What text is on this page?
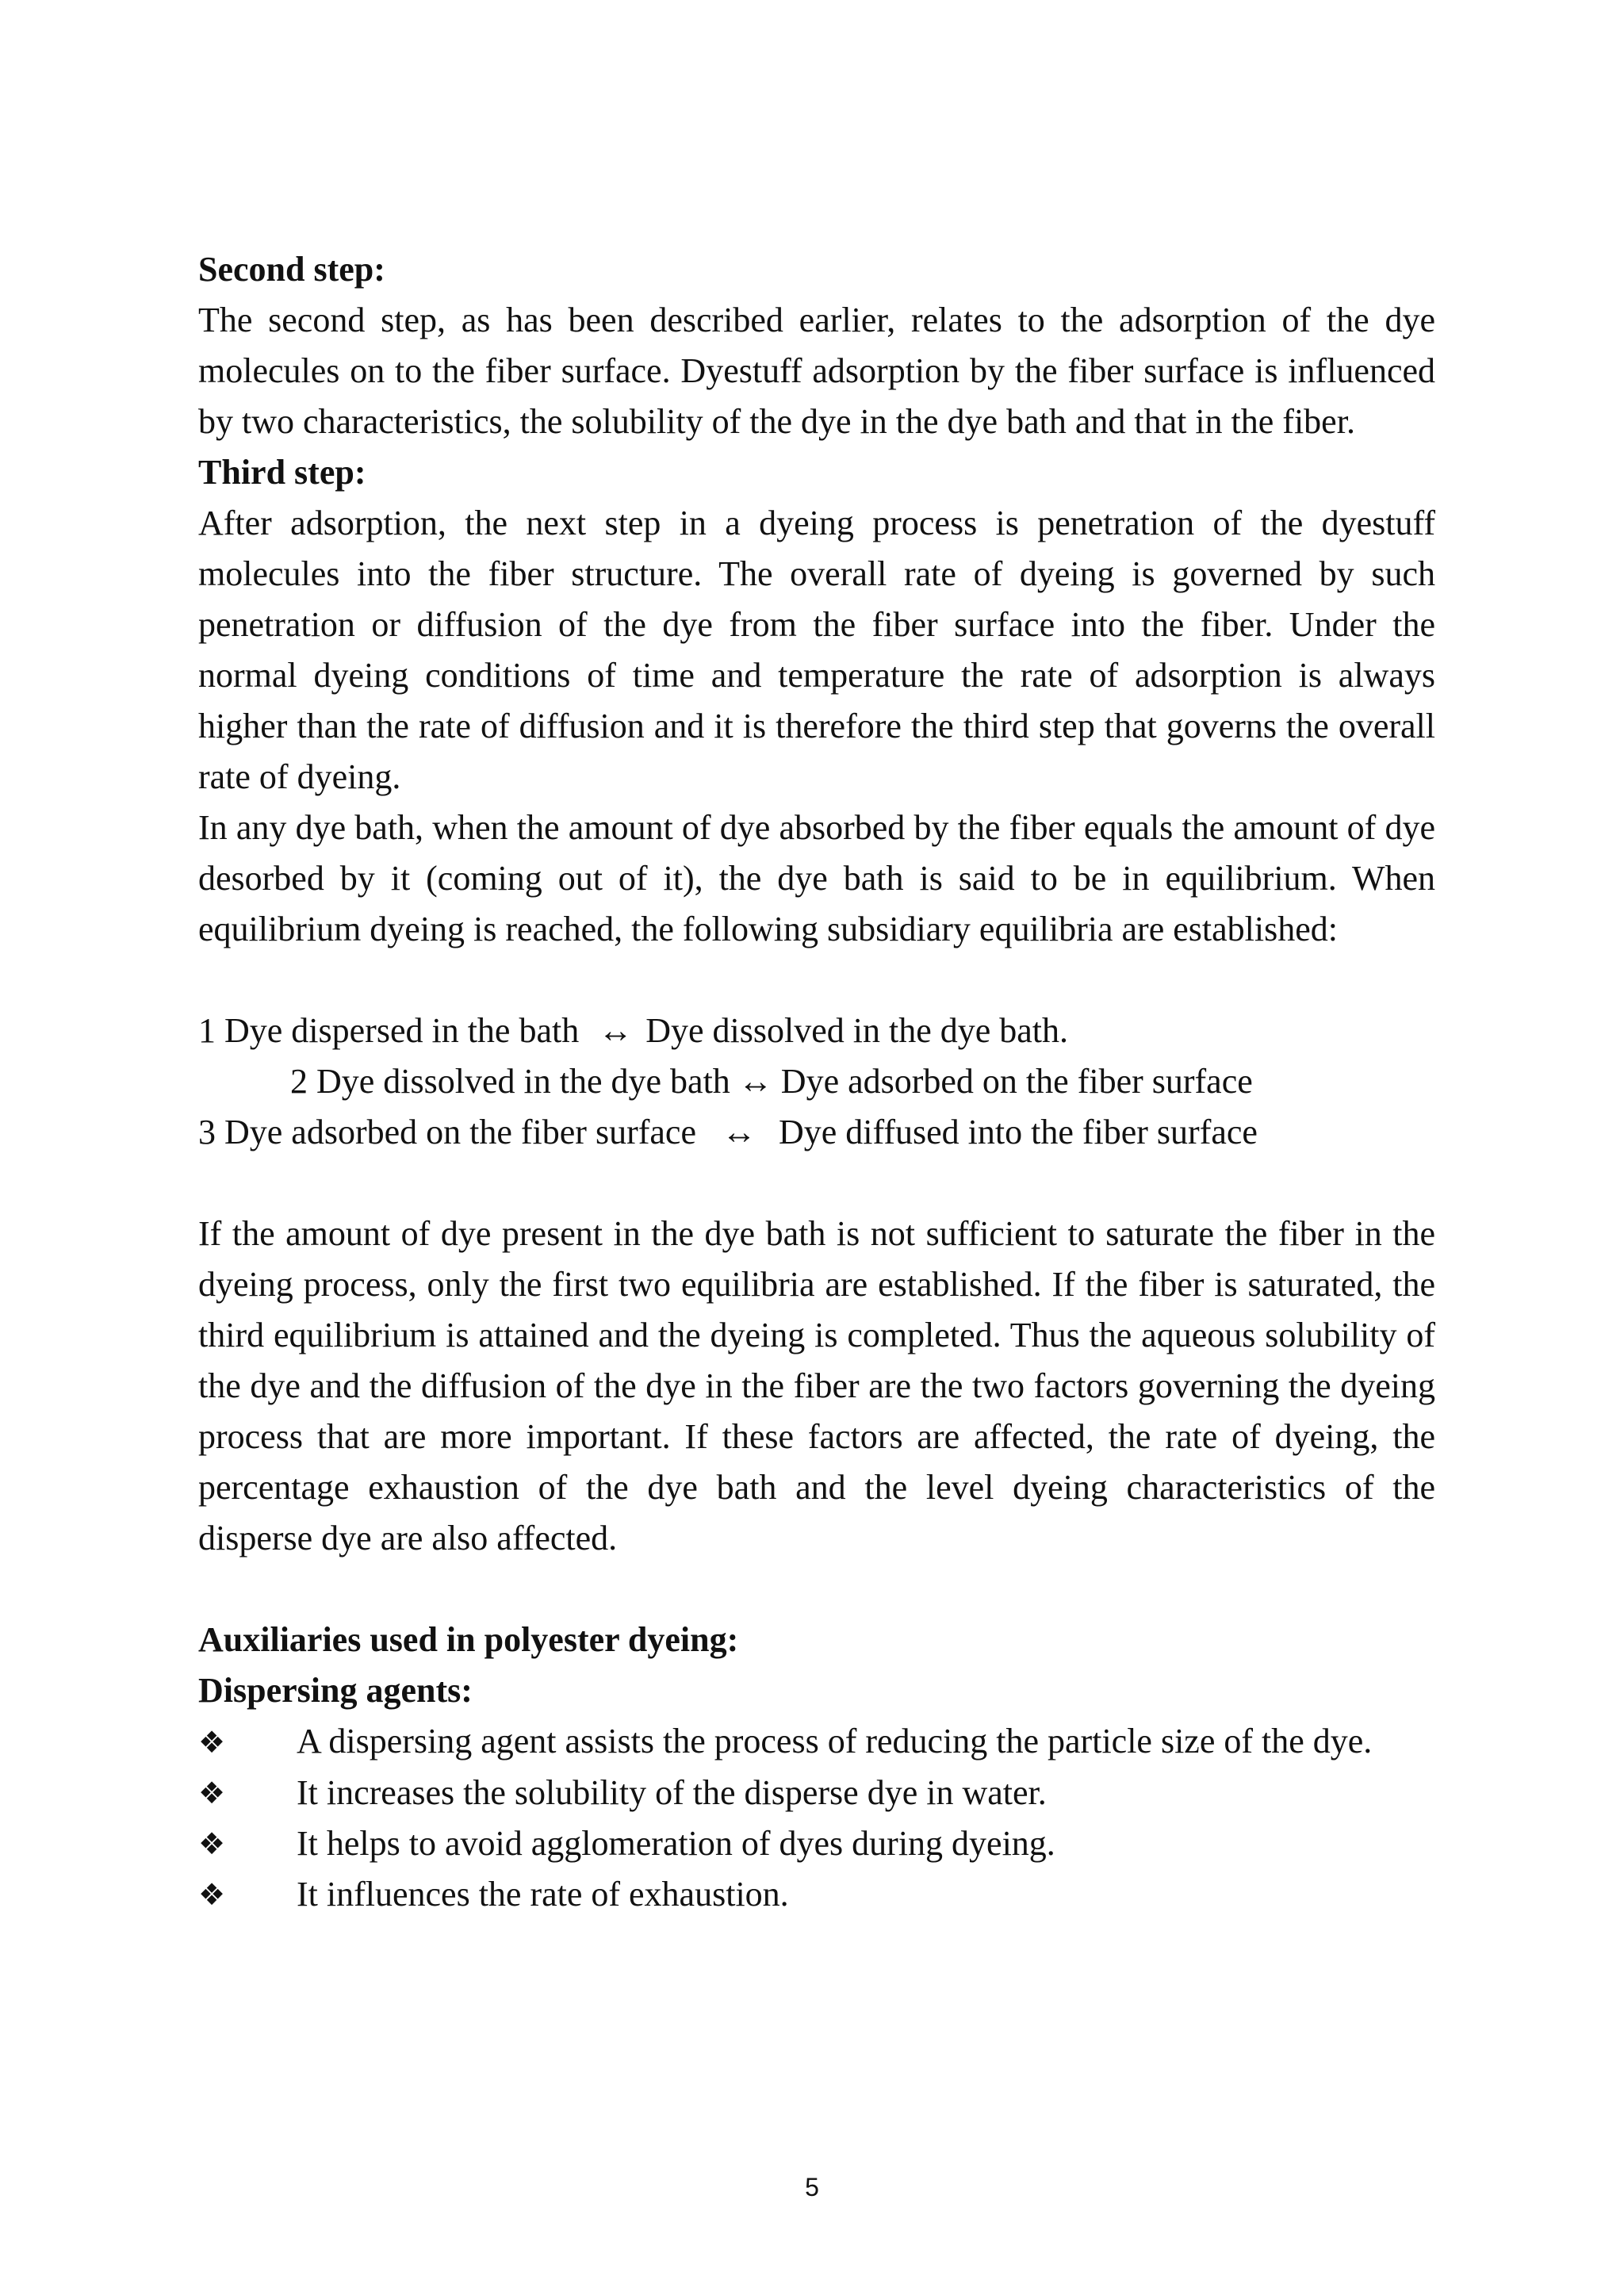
Second step:

The second step, as has been described earlier, relates to the adsorption of the dye molecules on to the fiber surface. Dyestuff adsorption by the fiber surface is influenced by two characteristics, the solubility of the dye in the dye bath and that in the fiber.

Third step:

After adsorption, the next step in a dyeing process is penetration of the dyestuff molecules into the fiber structure. The overall rate of dyeing is governed by such penetration or diffusion of the dye from the fiber surface into the fiber. Under the normal dyeing conditions of time and temperature the rate of adsorption is always higher than the rate of diffusion and it is therefore the third step that governs the overall rate of dyeing.

In any dye bath, when the amount of dye absorbed by the fiber equals the amount of dye desorbed by it (coming out of it), the dye bath is said to be in equilibrium. When equilibrium dyeing is reached, the following subsidiary equilibria are established:

1 Dye dispersed in the bath ↔ Dye dissolved in the dye bath.

2 Dye dissolved in the dye bath ↔ Dye adsorbed on the fiber surface

3 Dye adsorbed on the fiber surface ↔ Dye diffused into the fiber surface

If the amount of dye present in the dye bath is not sufficient to saturate the fiber in the dyeing process, only the first two equilibria are established. If the fiber is saturated, the third equilibrium is attained and the dyeing is completed. Thus the aqueous solubility of the dye and the diffusion of the dye in the fiber are the two factors governing the dyeing process that are more important. If these factors are affected, the rate of dyeing, the percentage exhaustion of the dye bath and the level dyeing characteristics of the disperse dye are also affected.

Auxiliaries used in polyester dyeing:

Dispersing agents:

❖ A dispersing agent assists the process of reducing the particle size of the dye.
❖	It increases the solubility of the disperse dye in water.
❖	It helps to avoid agglomeration of dyes during dyeing.
❖	It influences the rate of exhaustion.
5
